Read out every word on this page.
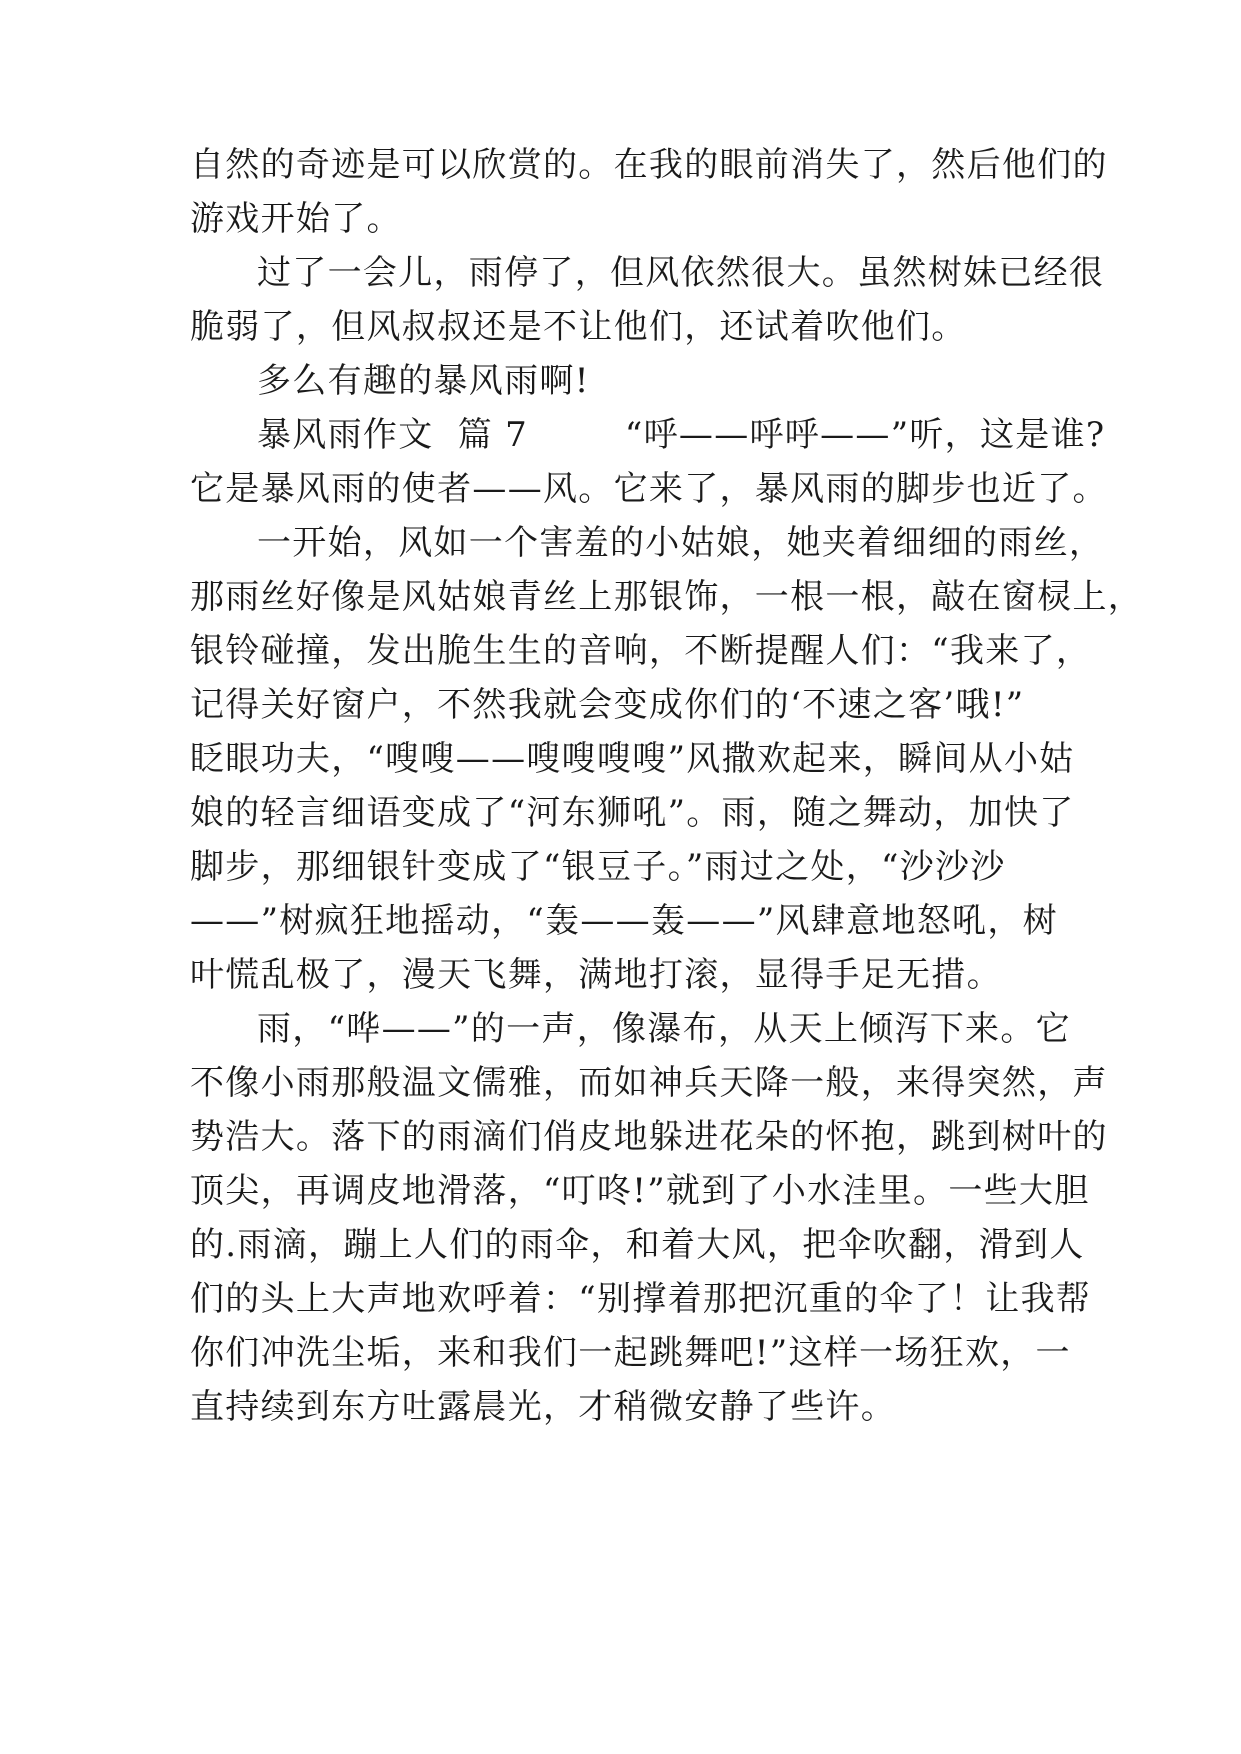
自然的奇迹是可以欣赏的。在我的眼前消失了，然后他们的
游戏开始了。
过了一会儿，雨停了，但风依然很大。虽然树妹已经很
脆弱了，但风叔叔还是不让他们，还试着吹他们。
多么有趣的暴风雨啊!
暴风雨作文  篇 7        “呼——呼呼——”听，这是谁?
它是暴风雨的使者——风。它来了，暴风雨的脚步也近了。
一开始，风如一个害羞的小姑娘，她夹着细细的雨丝，
那雨丝好像是风姑娘青丝上那银饰，一根一根，敲在窗棂上，
银铃碰撞，发出脆生生的音响，不断提醒人们：“我来了，
记得关好窗户，不然我就会变成你们的‘不速之客’哦!”
眨眼功夫，“嗖嗖——嗖嗖嗖嗖”风撒欢起来，瞬间从小姑
娘的轻言细语变成了“河东狮吼”。雨，随之舞动，加快了
脚步，那细银针变成了“银豆子。”雨过之处，“沙沙沙
——”树疯狂地摇动，“轰——轰——”风肆意地怒吼，树
叶慌乱极了，漫天飞舞，满地打滚，显得手足无措。
雨，“哗——”的一声，像瀑布，从天上倾泻下来。它
不像小雨那般温文儒雅，而如神兵天降一般，来得突然，声
势浩大。落下的雨滴们俏皮地躲进花朵的怀抱，跳到树叶的
顶尖，再调皮地滑落，“叮咚!”就到了小水洼里。一些大胆
的.雨滴，蹦上人们的雨伞，和着大风，把伞吹翻，滑到人
们的头上大声地欢呼着：“别撑着那把沉重的伞了！让我帮
你们冲洗尘垢，来和我们一起跳舞吧!”这样一场狂欢，一
直持续到东方吐露晨光，才稍微安静了些许。
